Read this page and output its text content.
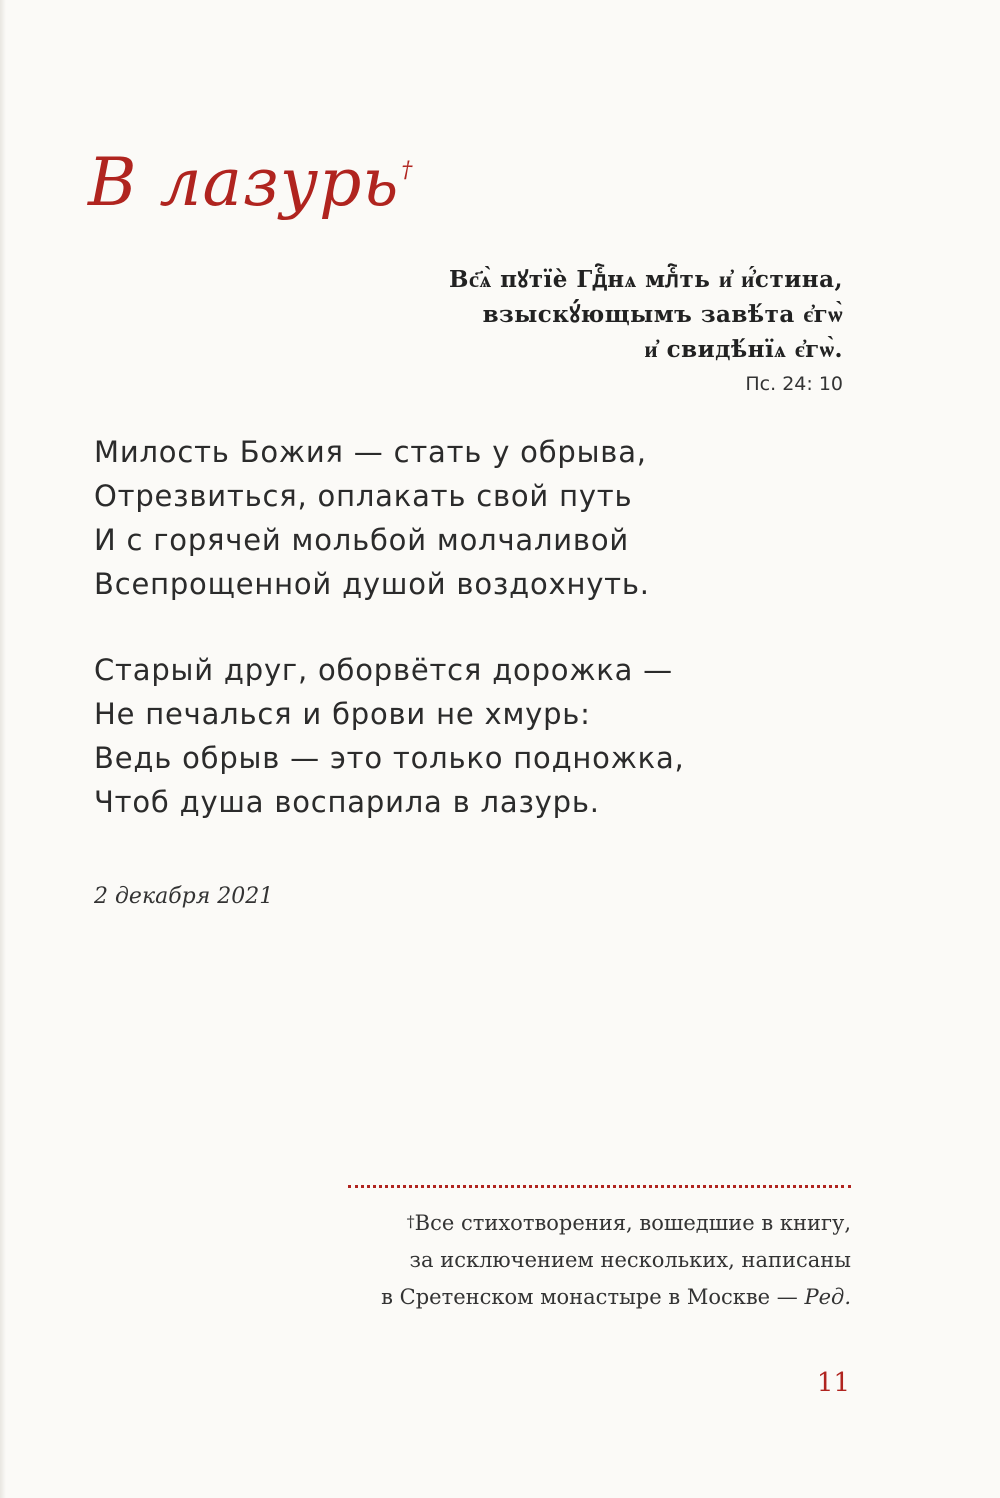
В лазурь†
Вс҃ѧ̀ пꙋтїѐ Гдⷭ҇нѧ млⷭ҇ть и҆ и҆́стина,
взыскꙋ́ющымъ завѣ́та є҆гѡ̀
и҆ свидѣ́нїѧ є҆гѡ̀.
Пс. 24: 10
Милость Божия — стать у обрыва,
Отрезвиться, оплакать свой путь
И с горячей мольбой молчаливой
Всепрощенной душой воздохнуть.
Старый друг, оборвётся дорожка —
Не печалься и брови не хмурь:
Ведь обрыв — это только подножка,
Чтоб душа воспарила в лазурь.
2 декабря 2021
†Все стихотворения, вошедшие в книгу,
за исключением нескольких, написаны
в Сретенском монастыре в Москве — Ред.
11
